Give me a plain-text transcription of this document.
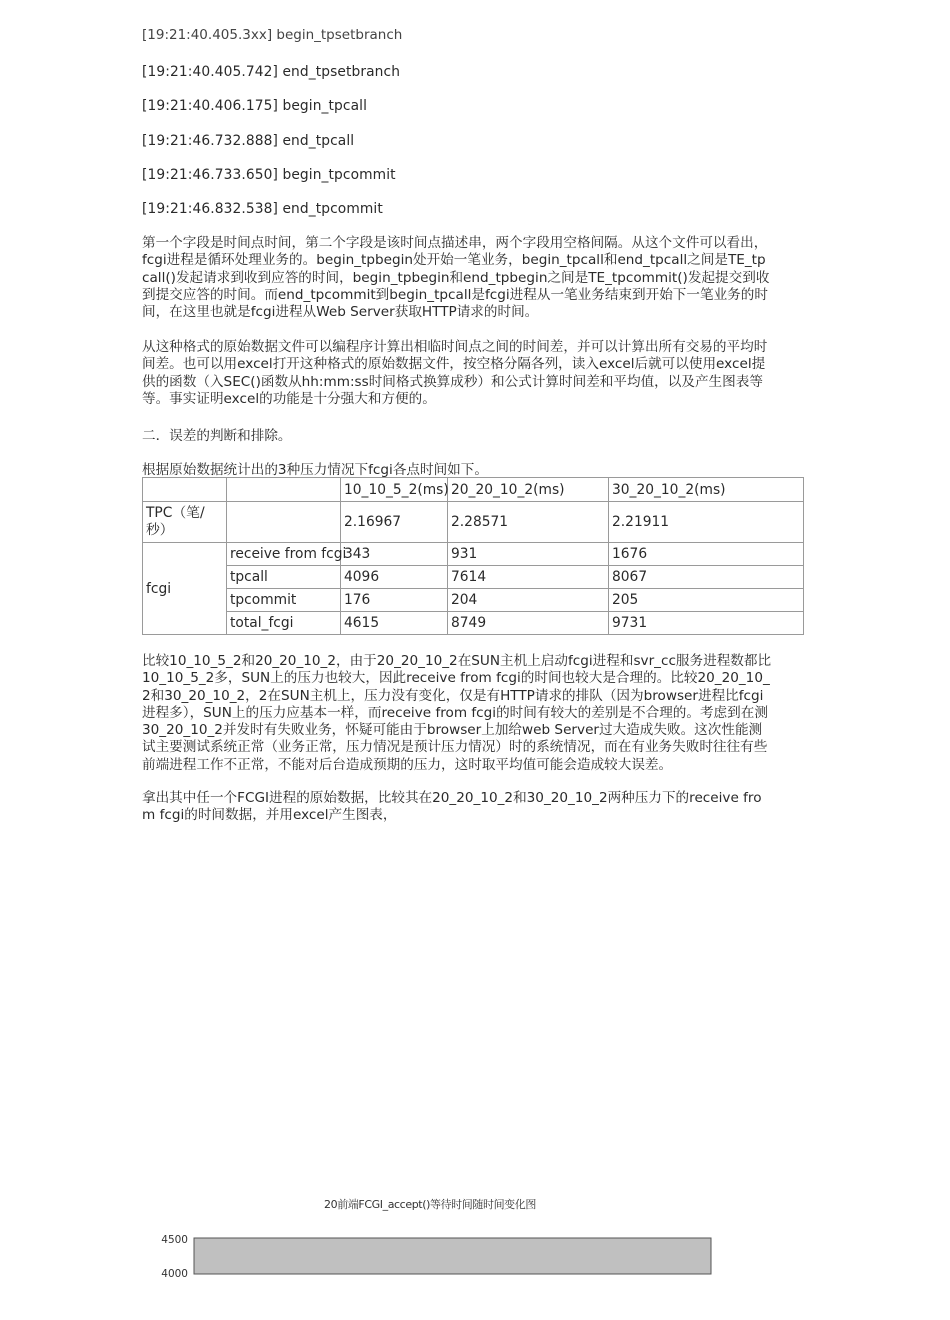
[19:21:40.405.3xx] begin_tpsetbranch
[19:21:40.405.742] end_tpsetbranch
[19:21:40.406.175] begin_tpcall
[19:21:46.732.888] end_tpcall
[19:21:46.733.650] begin_tpcommit
[19:21:46.832.538] end_tpcommit
第一个字段是时间点时间，第二个字段是该时间点描述串，两个字段用空格间隔。从这个文件可以看出，fcgi进程是循环处理业务的。begin_tpbegin处开始一笔业务，begin_tpcall和end_tpcall之间是TE_tpcall()发起请求到收到应答的时间，begin_tpbegin和end_tpbegin之间是TE_tpcommit()发起提交到收到提交应答的时间。而end_tpcommit到begin_tpcall是fcgi进程从一笔业务结束到开始下一笔业务的时间，在这里也就是fcgi进程从Web Server获取HTTP请求的时间。
从这种格式的原始数据文件可以编程序计算出相临时间点之间的时间差，并可以计算出所有交易的平均时间差。也可以用excel打开这种格式的原始数据文件，按空格分隔各列，读入excel后就可以使用excel提供的函数（入SEC()函数从hh:mm:ss时间格式换算成秒）和公式计算时间差和平均值，以及产生图表等等。事实证明excel的功能是十分强大和方便的。
二．误差的判断和排除。
根据原始数据统计出的3种压力情况下fcgi各点时间如下。
		10_10_5_2(ms)	20_20_10_2(ms)	30_20_10_2(ms)
TPC（笔/秒）		2.16967	2.28571	2.21911
fcgi	receive from fcgi	343	931	1676
	tpcall	4096	7614	8067
	tpcommit	176	204	205
	total_fcgi	4615	8749	9731
比较10_10_5_2和20_20_10_2，由于20_20_10_2在SUN主机上启动fcgi进程和svr_cc服务进程数都比10_10_5_2多，SUN上的压力也较大，因此receive from fcgi的时间也较大是合理的。比较20_20_10_2和30_20_10_2，2在SUN主机上，压力没有变化，仅是有HTTP请求的排队（因为browser进程比fcgi进程多），SUN上的压力应基本一样，而receive from fcgi的时间有较大的差别是不合理的。考虑到在测30_20_10_2并发时有失败业务，怀疑可能由于browser上加给web Server过大造成失败。这次性能测试主要测试系统正常（业务正常，压力情况是预计压力情况）时的系统情况，而在有业务失败时往往有些前端进程工作不正常，不能对后台造成预期的压力，这时取平均值可能会造成较大误差。
拿出其中任一个FCGI进程的原始数据，比较其在20_20_10_2和30_20_10_2两种压力下的receive from fcgi的时间数据，并用excel产生图表，
20前端FCGI_accept()等待时间随时间变化图
4500
4000
